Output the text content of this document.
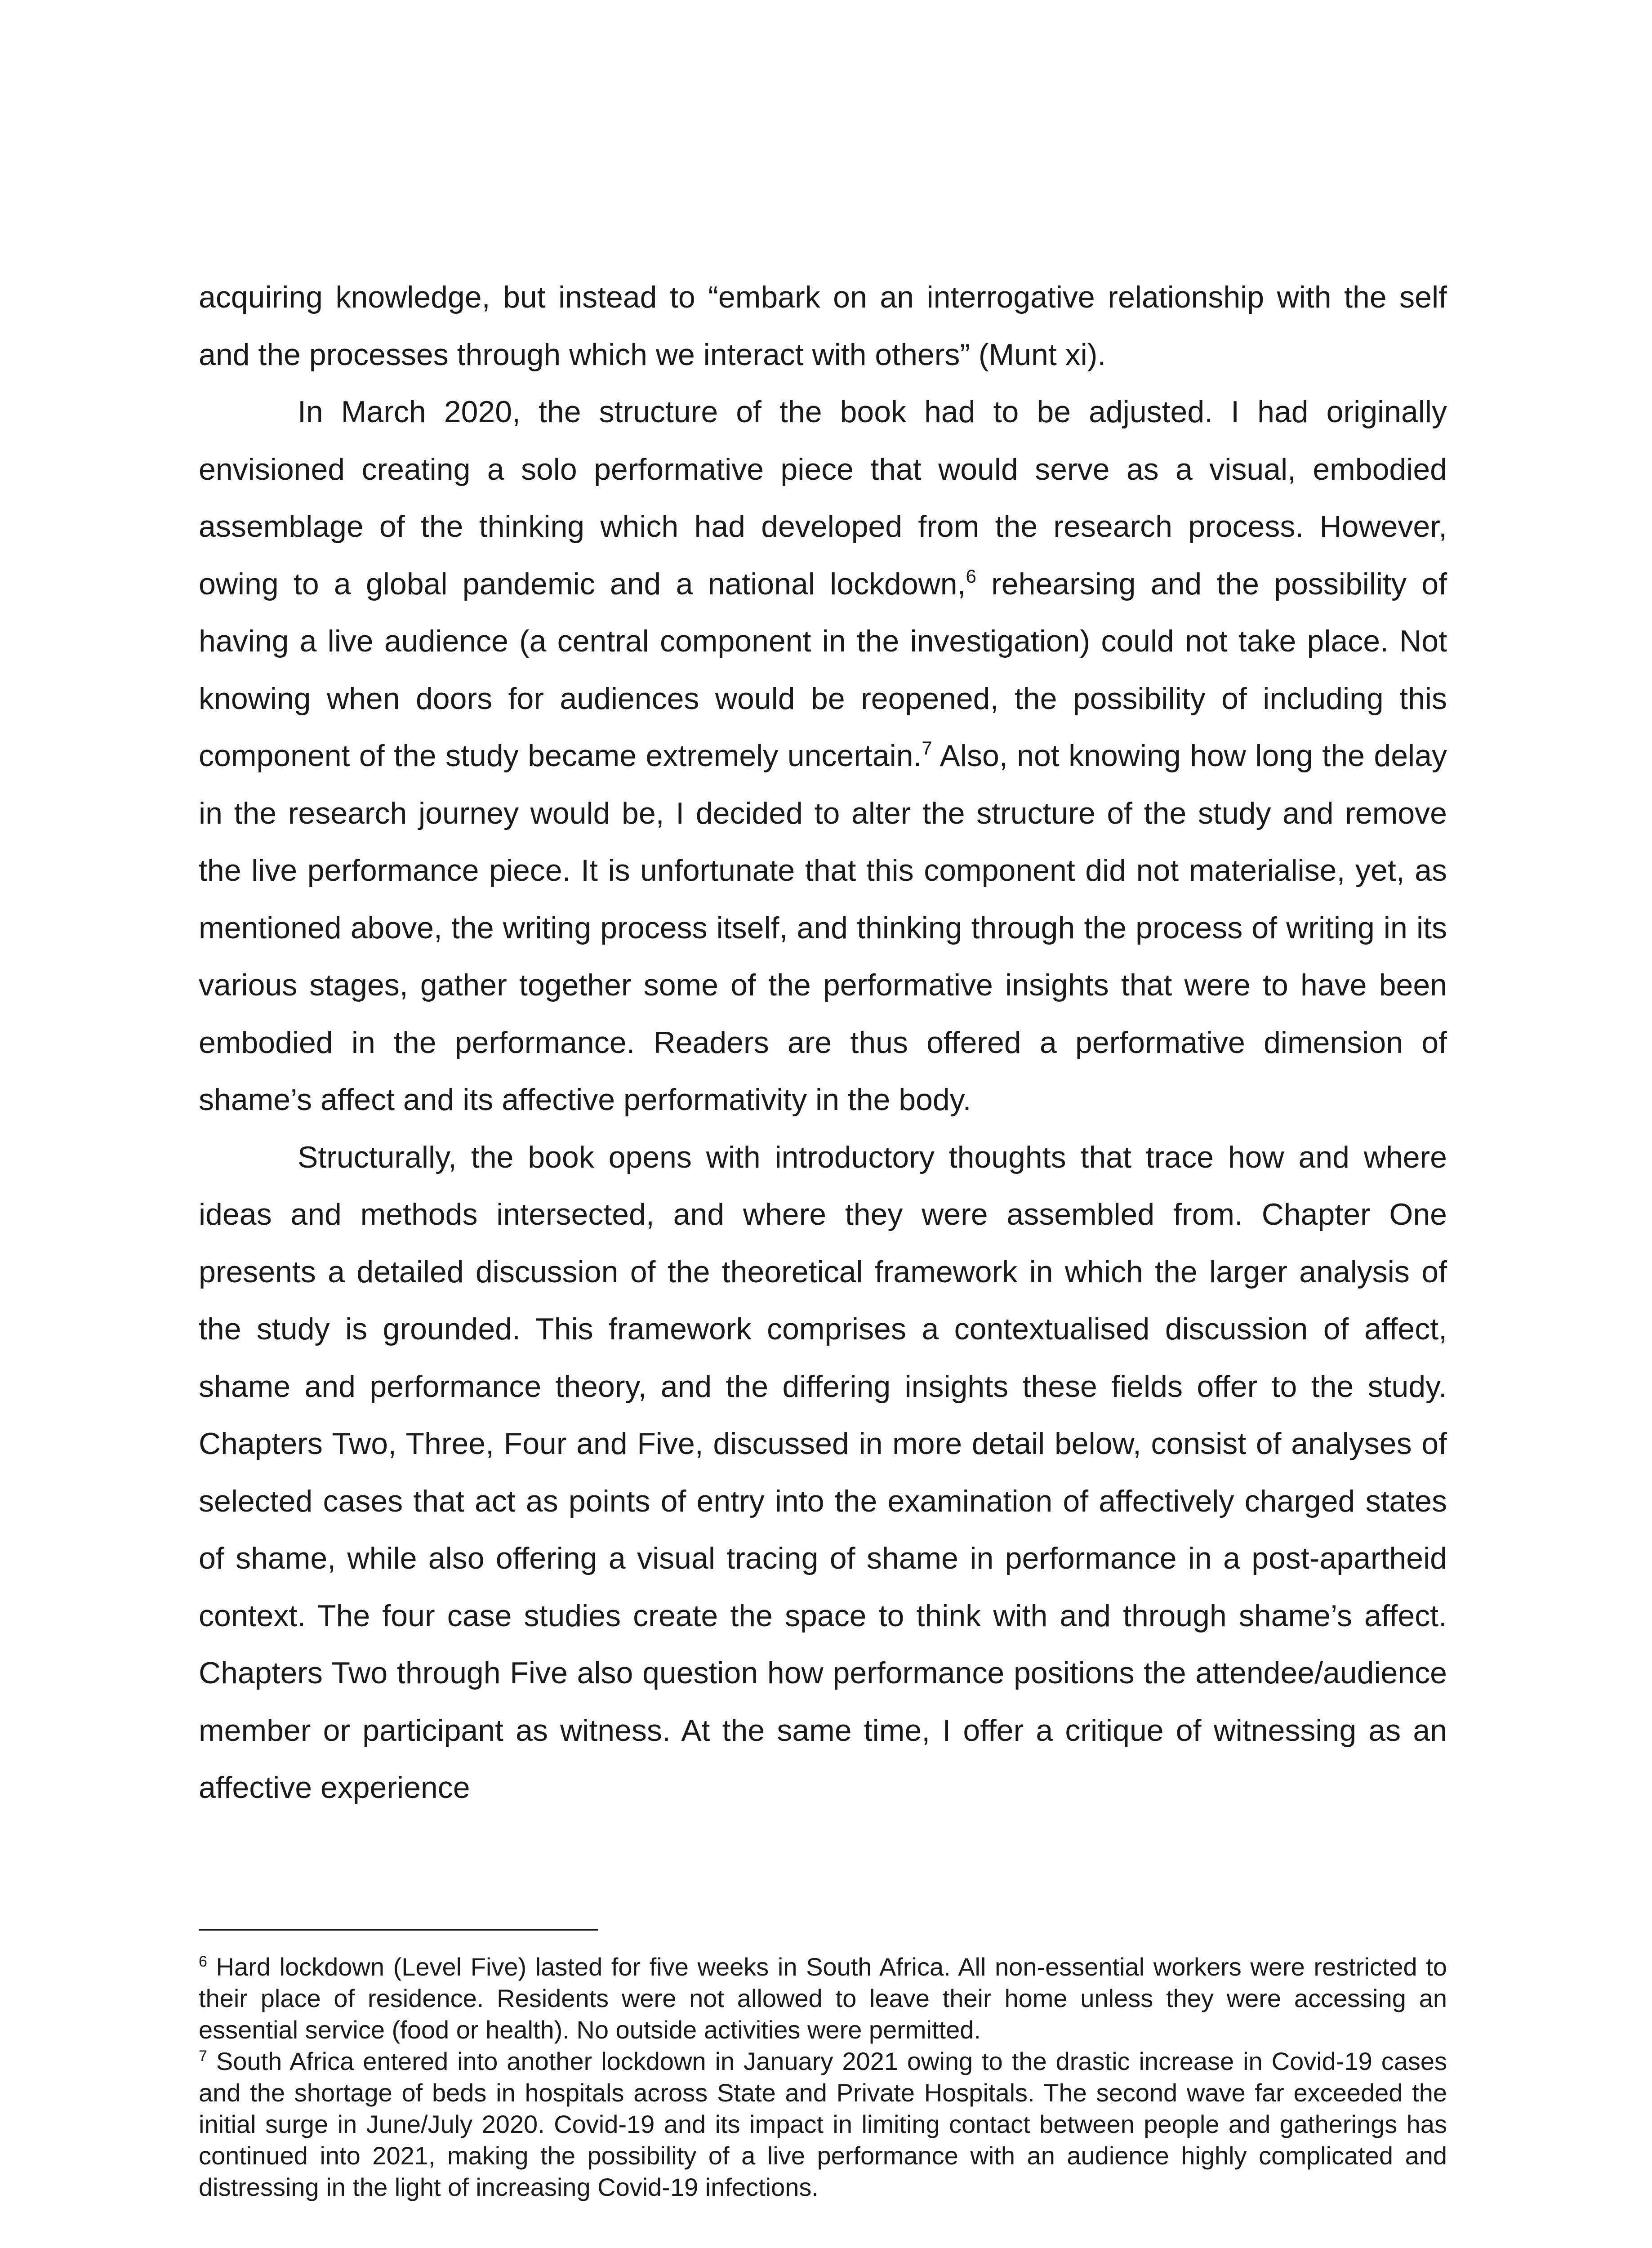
acquiring knowledge, but instead to “embark on an interrogative relationship with the self and the processes through which we interact with others” (Munt xi).

In March 2020, the structure of the book had to be adjusted. I had originally envisioned creating a solo performative piece that would serve as a visual, embodied assemblage of the thinking which had developed from the research process. However, owing to a global pandemic and a national lockdown,$^6$ rehearsing and the possibility of having a live audience (a central component in the investigation) could not take place. Not knowing when doors for audiences would be reopened, the possibility of including this component of the study became extremely uncertain.$^7$ Also, not knowing how long the delay in the research journey would be, I decided to alter the structure of the study and remove the live performance piece. It is unfortunate that this component did not materialise, yet, as mentioned above, the writing process itself, and thinking through the process of writing in its various stages, gather together some of the performative insights that were to have been embodied in the performance. Readers are thus offered a performative dimension of shame’s affect and its affective performativity in the body.

Structurally, the book opens with introductory thoughts that trace how and where ideas and methods intersected, and where they were assembled from. Chapter One presents a detailed discussion of the theoretical framework in which the larger analysis of the study is grounded. This framework comprises a contextualised discussion of affect, shame and performance theory, and the differing insights these fields offer to the study. Chapters Two, Three, Four and Five, discussed in more detail below, consist of analyses of selected cases that act as points of entry into the examination of affectively charged states of shame, while also offering a visual tracing of shame in performance in a post-apartheid context. The four case studies create the space to think with and through shame’s affect. Chapters Two through Five also question how performance positions the attendee/audience member or participant as witness. At the same time, I offer a critique of witnessing as an affective experience

$^6$ Hard lockdown (Level Five) lasted for five weeks in South Africa. All non-essential workers were restricted to their place of residence. Residents were not allowed to leave their home unless they were accessing an essential service (food or health). No outside activities were permitted.

$^7$ South Africa entered into another lockdown in January 2021 owing to the drastic increase in Covid-19 cases and the shortage of beds in hospitals across State and Private Hospitals. The second wave far exceeded the initial surge in June/July 2020. Covid-19 and its impact in limiting contact between people and gatherings has continued into 2021, making the possibility of a live performance with an audience highly complicated and distressing in the light of increasing Covid-19 infections.
